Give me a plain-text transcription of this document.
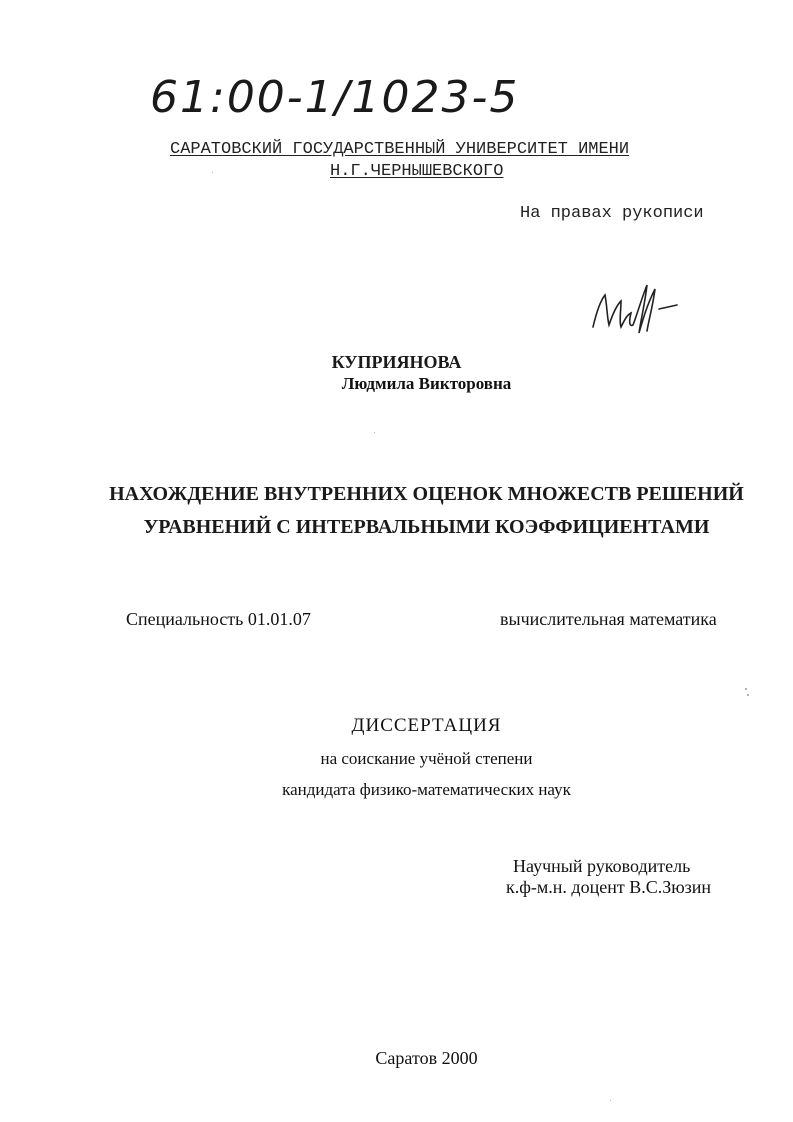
61:00-1/1023-5

САРАТОВСКИЙ ГОСУДАРСТВЕННЫЙ УНИВЕРСИТЕТ ИМЕНИ

Н.Г.ЧЕРНЫШЕВСКОГО

На правах рукописи

КУПРИЯНОВА

Людмила Викторовна

НАХОЖДЕНИЕ ВНУТРЕННИХ ОЦЕНОК МНОЖЕСТВ РЕШЕНИЙ
УРАВНЕНИЙ С ИНТЕРВАЛЬНЫМИ КОЭФФИЦИЕНТАМИ

Специальность 01.01.07	вычислительная математика

ДИССЕРТАЦИЯ

на соискание учёной степени

кандидата физико-математических наук

Научный руководитель

к.ф-м.н. доцент В.С.Зюзин

Саратов 2000
